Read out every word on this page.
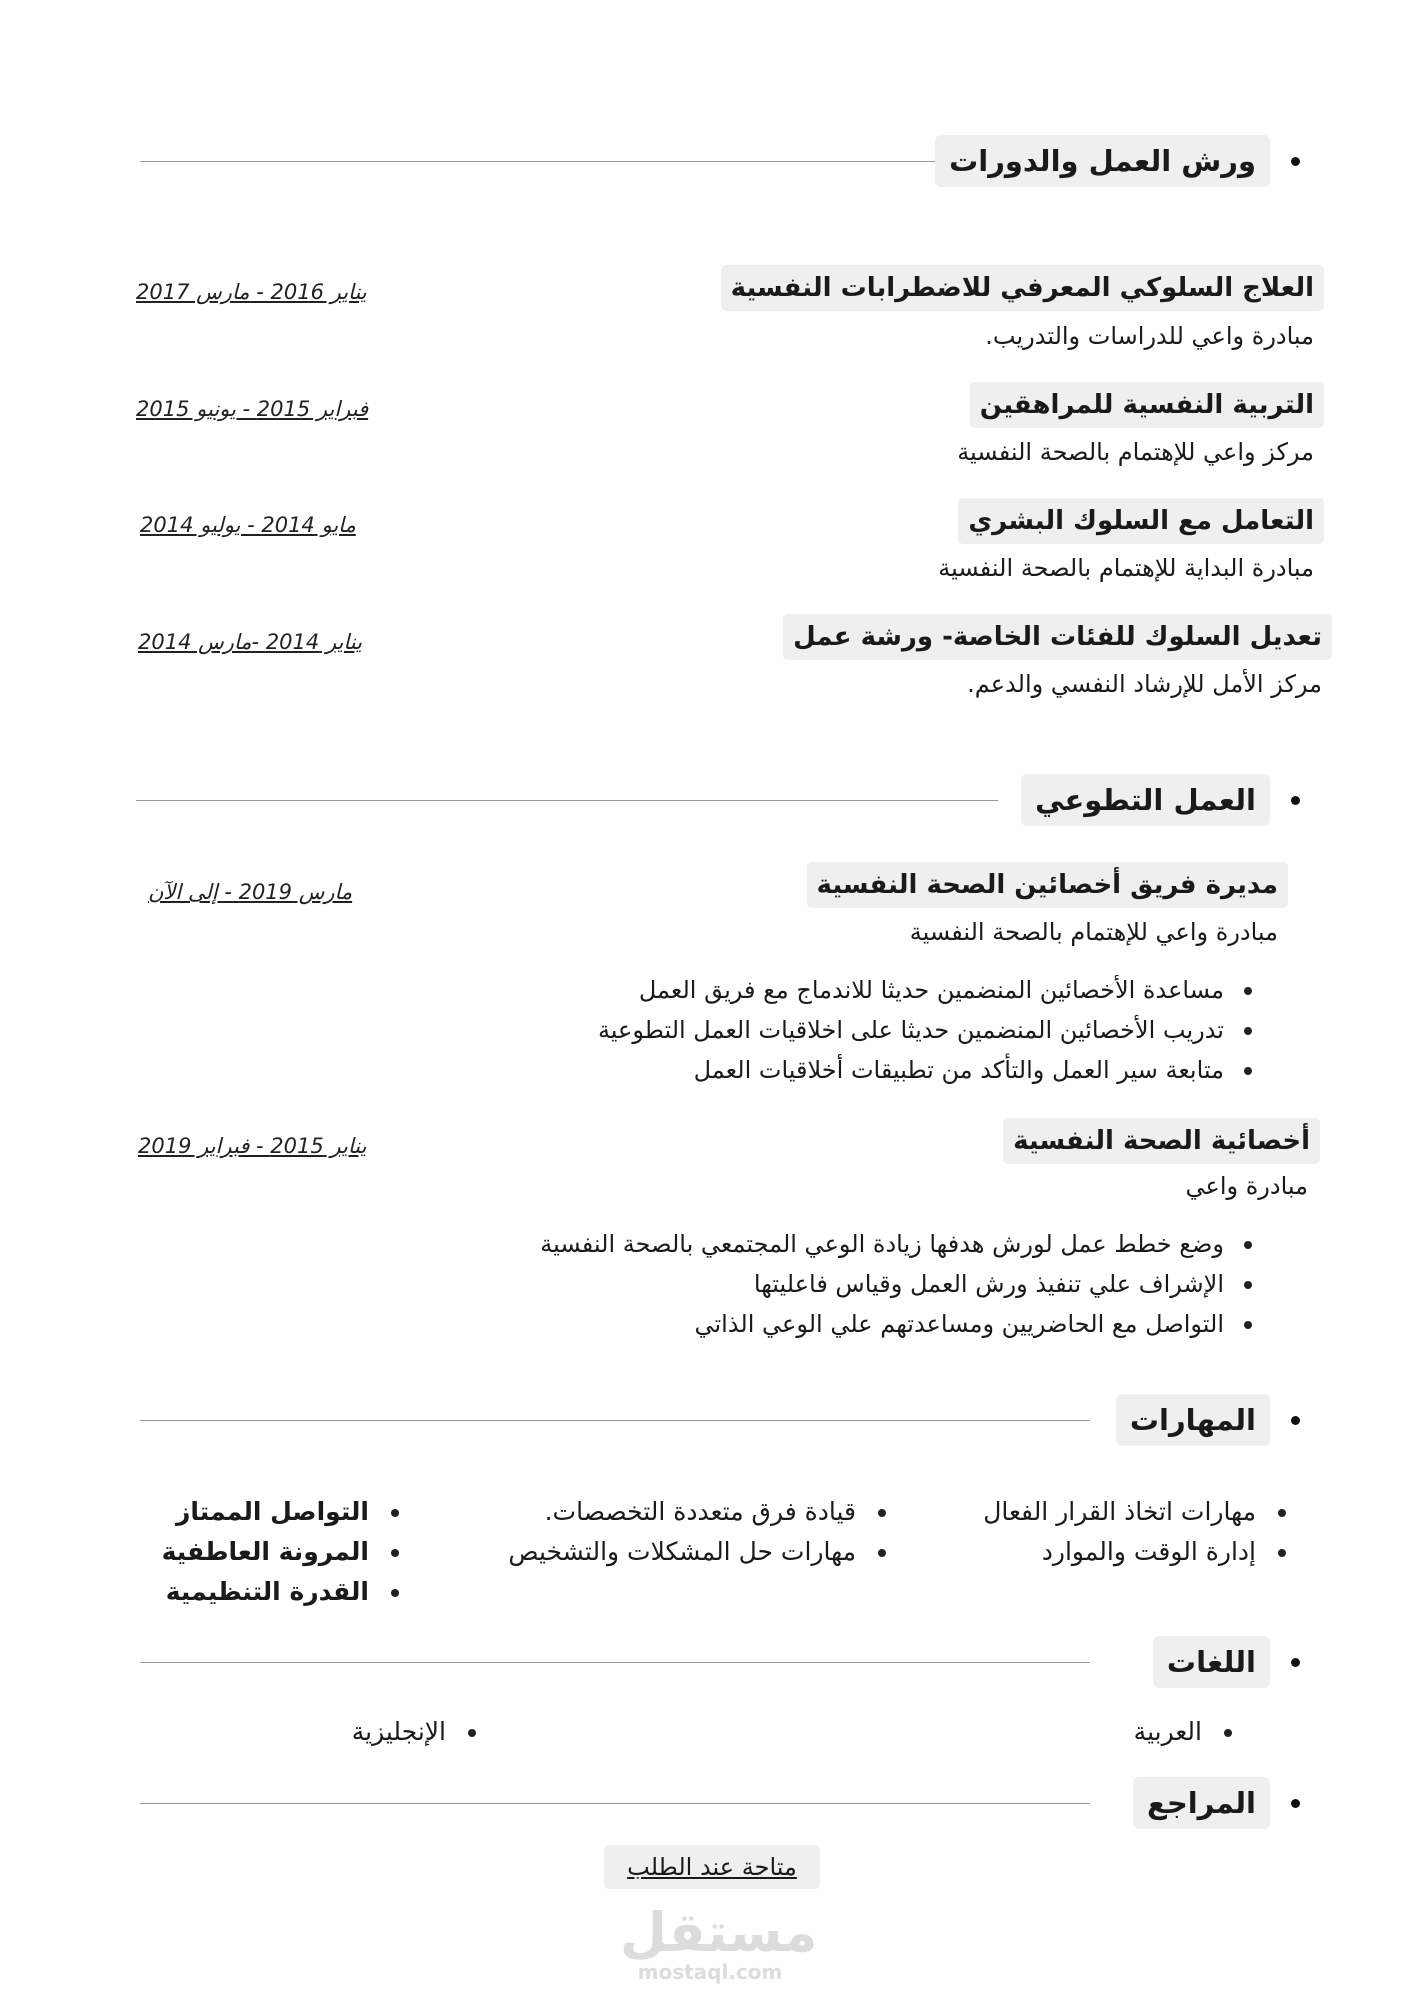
ورش العمل والدورات
العلاج السلوكي المعرفي للاضطرابات النفسية
مبادرة واعي للدراسات والتدريب.
يناير 2016 - مارس 2017
التربية النفسية للمراهقين
مركز واعي للإهتمام بالصحة النفسية
فبراير 2015 - يونيو 2015
التعامل مع السلوك البشري
مبادرة البداية للإهتمام بالصحة النفسية
مايو 2014 - يوليو 2014
تعديل السلوك للفئات الخاصة- ورشة عمل
مركز الأمل للإرشاد النفسي والدعم.
يناير 2014 -مارس 2014
العمل التطوعي
مديرة فريق أخصائين الصحة النفسية
مبادرة واعي للإهتمام بالصحة النفسية
مارس 2019 - إلى الآن
مساعدة الأخصائين المنضمين حديثا للاندماج مع فريق العمل
تدريب الأخصائين المنضمين حديثا على اخلاقيات العمل التطوعية
متابعة سير العمل والتأكد من تطبيقات أخلاقيات العمل
أخصائية الصحة النفسية
مبادرة واعي
يناير 2015 - فبراير 2019
وضع خطط عمل لورش هدفها زيادة الوعي المجتمعي بالصحة النفسية
الإشراف علي تنفيذ ورش العمل وقياس فاعليتها
التواصل مع الحاضريين ومساعدتهم علي الوعي الذاتي
المهارات
مهارات اتخاذ القرار الفعال
إدارة الوقت والموارد
قيادة فرق متعددة التخصصات.
مهارات حل المشكلات والتشخيص
التواصل الممتاز
المرونة العاطفية
القدرة التنظيمية
اللغات
العربية
الإنجليزية
المراجع
متاحة عند الطلب
مستقل
mostaql.com
